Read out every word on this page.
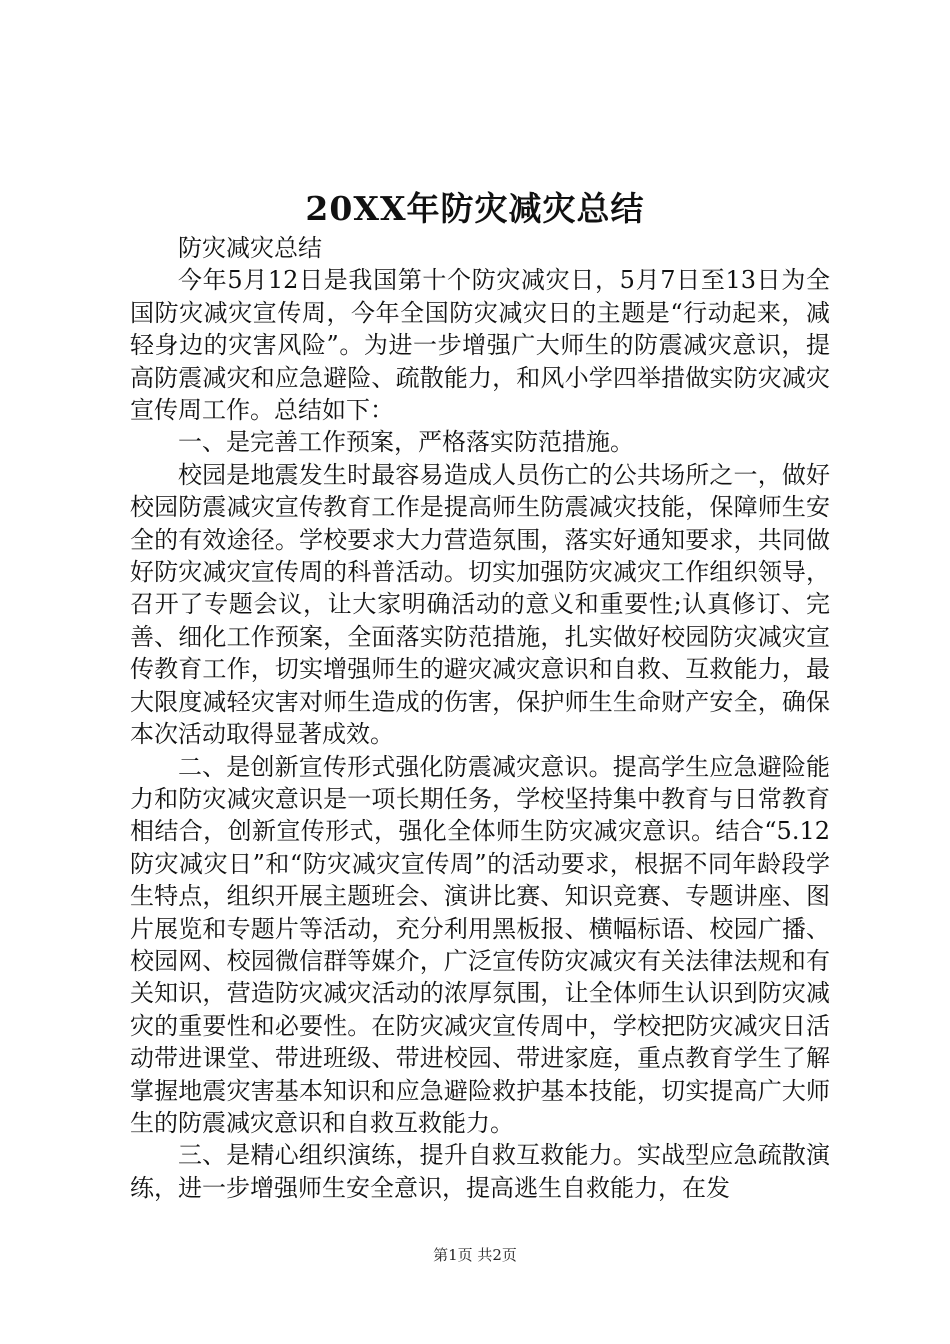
20XX年防灾减灾总结

防灾减灾总结

今年5月12日是我国第十个防灾减灾日，5月7日至13日为全国防灾减灾宣传周，今年全国防灾减灾日的主题是“行动起来，减轻身边的灾害风险”。为进一步增强广大师生的防震减灾意识，提高防震减灾和应急避险、疏散能力，和风小学四举措做实防灾减灾宣传周工作。总结如下：

一、是完善工作预案，严格落实防范措施。

校园是地震发生时最容易造成人员伤亡的公共场所之一，做好校园防震减灾宣传教育工作是提高师生防震减灾技能，保障师生安全的有效途径。学校要求大力营造氛围，落实好通知要求，共同做好防灾减灾宣传周的科普活动。切实加强防灾减灾工作组织领导，召开了专题会议，让大家明确活动的意义和重要性;认真修订、完善、细化工作预案，全面落实防范措施，扎实做好校园防灾减灾宣传教育工作，切实增强师生的避灾减灾意识和自救、互救能力，最大限度减轻灾害对师生造成的伤害，保护师生生命财产安全，确保本次活动取得显著成效。

二、是创新宣传形式强化防震减灾意识。提高学生应急避险能力和防灾减灾意识是一项长期任务，学校坚持集中教育与日常教育相结合，创新宣传形式，强化全体师生防灾减灾意识。结合“5.12防灾减灾日”和“防灾减灾宣传周”的活动要求，根据不同年龄段学生特点，组织开展主题班会、演讲比赛、知识竞赛、专题讲座、图片展览和专题片等活动，充分利用黑板报、横幅标语、校园广播、校园网、校园微信群等媒介，广泛宣传防灾减灾有关法律法规和有关知识，营造防灾减灾活动的浓厚氛围，让全体师生认识到防灾减灾的重要性和必要性。在防灾减灾宣传周中，学校把防灾减灾日活动带进课堂、带进班级、带进校园、带进家庭，重点教育学生了解掌握地震灾害基本知识和应急避险救护基本技能，切实提高广大师生的防震减灾意识和自救互救能力。

三、是精心组织演练，提升自救互救能力。实战型应急疏散演练，进一步增强师生安全意识，提高逃生自救能力，在发

第1页 共2页
